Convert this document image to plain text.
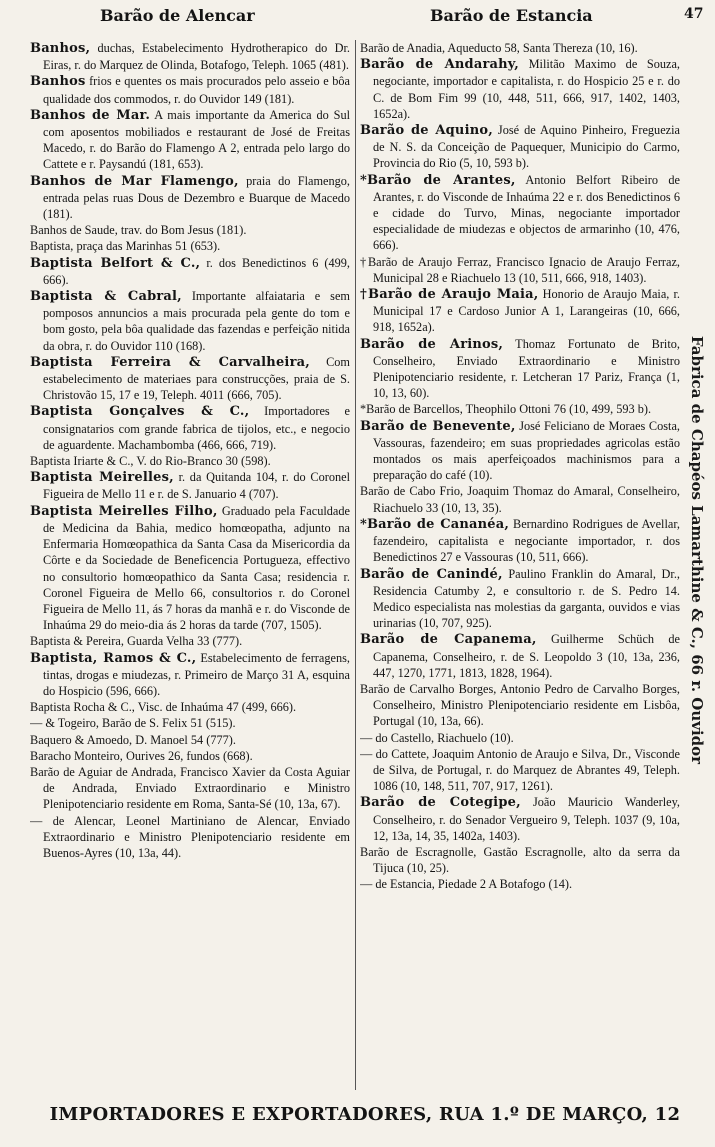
Barão de Alencar	Barão de Estancia	47

Banhos, duchas, Estabelecimento Hydrotherapico do Dr. Eiras, r. do Marquez de Olinda, Botafogo, Teleph. 1065 (481).

Banhos frios e quentes os mais procurados pelo asseio e bôa qualidade dos commodos, r. do Ouvidor 149 (181).

Banhos de Mar. A mais importante da America do Sul com aposentos mobiliados e restaurant de José de Freitas Macedo, r. do Barão do Flamengo A 2, entrada pelo largo do Cattete e r. Paysandú (181, 653).

Banhos de Mar Flamengo, praia do Flamengo, entrada pelas ruas Dous de Dezembro e Buarque de Macedo (181).

Banhos de Saude, trav. do Bom Jesus (181).

Baptista, praça das Marinhas 51 (653).

Baptista Belfort & C., r. dos Benedictinos 6 (499, 666).

Baptista & Cabral, Importante alfaiataria e sem pomposos annuncios a mais procurada pela gente do tom e bom gosto, pela bôa qualidade das fazendas e perfeição nitida da obra, r. do Ouvidor 110 (168).

Baptista Ferreira & Carvalheira, Com estabelecimento de materiaes para construcções, praia de S. Christovão 15, 17 e 19, Teleph. 4011 (666, 705).

Baptista Gonçalves & C., Importadores e consignatarios com grande fabrica de tijolos, etc., e negocio de aguardente. Machambomba (466, 666, 719).

Baptista Iriarte & C., V. do Rio-Branco 30 (598).

Baptista Meirelles, r. da Quitanda 104, r. do Coronel Figueira de Mello 11 e r. de S. Januario 4 (707).

Baptista Meirelles Filho, Graduado pela Faculdade de Medicina da Bahia, medico homœopatha, adjunto na Enfermaria Homœopathica da Santa Casa da Misericordia da Côrte e da Sociedade de Beneficencia Portugueza, effectivo no consultorio homœopathico da Santa Casa; residencia r. Coronel Figueira de Mello 66, consultorios r. do Coronel Figueira de Mello 11, ás 7 horas da manhã e r. do Visconde de Inhaúma 29 do meio-dia ás 2 horas da tarde (707, 1505).

Baptista & Pereira, Guarda Velha 33 (777).

Baptista, Ramos & C., Estabelecimento de ferragens, tintas, drogas e miudezas, r. Primeiro de Março 31 A, esquina do Hospicio (596, 666).

Baptista Rocha & C., Visc. de Inhaúma 47 (499, 666).

— & Togeiro, Barão de S. Felix 51 (515).

Baquero & Amoedo, D. Manoel 54 (777).

Baracho Monteiro, Ourives 26, fundos (668).

Barão de Aguiar de Andrada, Francisco Xavier da Costa Aguiar de Andrada, Enviado Extraordinario e Ministro Plenipotenciario residente em Roma, Santa-Sé (10, 13a, 67).

— de Alencar, Leonel Martiniano de Alencar, Enviado Extraordinario e Ministro Plenipotenciario residente em Buenos-Ayres (10, 13a, 44).

Barão de Anadia, Aqueducto 58, Santa Thereza (10, 16).

Barão de Andarahy, Militão Maximo de Souza, negociante, importador e capitalista, r. do Hospicio 25 e r. do C. de Bom Fim 99 (10, 448, 511, 666, 917, 1402, 1403, 1652a).

Barão de Aquino, José de Aquino Pinheiro, Freguezia de N. S. da Conceição de Paquequer, Municipio do Carmo, Provincia do Rio (5, 10, 593 b).

*Barão de Arantes, Antonio Belfort Ribeiro de Arantes, r. do Visconde de Inhaúma 22 e r. dos Benedictinos 6 e cidade do Turvo, Minas, negociante importador especialidade de miudezas e objectos de armarinho (10, 476, 666).

†Barão de Araujo Ferraz, Francisco Ignacio de Araujo Ferraz, Municipal 28 e Riachuelo 13 (10, 511, 666, 918, 1403).

†Barão de Araujo Maia, Honorio de Araujo Maia, r. Municipal 17 e Cardoso Junior A 1, Larangeiras (10, 666, 918, 1652a).

Barão de Arinos, Thomaz Fortunato de Brito, Conselheiro, Enviado Extraordinario e Ministro Plenipotenciario residente, r. Letcheran 17 Pariz, França (1, 10, 13, 60).

*Barão de Barcellos, Theophilo Ottoni 76 (10, 499, 593 b).

Barão de Benevente, José Feliciano de Moraes Costa, Vassouras, fazendeiro; em suas propriedades agricolas estão montados os mais aperfeiçoados machinismos para a preparação do café (10).

Barão de Cabo Frio, Joaquim Thomaz do Amaral, Conselheiro, Riachuelo 33 (10, 13, 35).

*Barão de Cananéa, Bernardino Rodrigues de Avellar, fazendeiro, capitalista e negociante importador, r. dos Benedictinos 27 e Vassouras (10, 511, 666).

Barão de Canindé, Paulino Franklin do Amaral, Dr., Residencia Catumby 2, e consultorio r. de S. Pedro 14. Medico especialista nas molestias da garganta, ouvidos e vias urinarias (10, 707, 925).

Barão de Capanema, Guilherme Schüch de Capanema, Conselheiro, r. de S. Leopoldo 3 (10, 13a, 236, 447, 1270, 1771, 1813, 1828, 1964).

Barão de Carvalho Borges, Antonio Pedro de Carvalho Borges, Conselheiro, Ministro Plenipotenciario residente em Lisbôa, Portugal (10, 13a, 66).

— do Castello, Riachuelo (10).

— do Cattete, Joaquim Antonio de Araujo e Silva, Dr., Visconde de Silva, de Portugal, r. do Marquez de Abrantes 49, Teleph. 1086 (10, 148, 511, 707, 917, 1261).

Barão de Cotegipe, João Mauricio Wanderley, Conselheiro, r. do Senador Vergueiro 9, Teleph. 1037 (9, 10a, 12, 13a, 14, 35, 1402a, 1403).

Barão de Escragnolle, Gastão Escragnolle, alto da serra da Tijuca (10, 25).

— de Estancia, Piedade 2 A Botafogo (14).

Fabrica de Chapéos Lamarthine & C., 66 r. Ouvidor
IMPORTADORES E EXPORTADORES, RUA 1.º DE MARÇO, 12
